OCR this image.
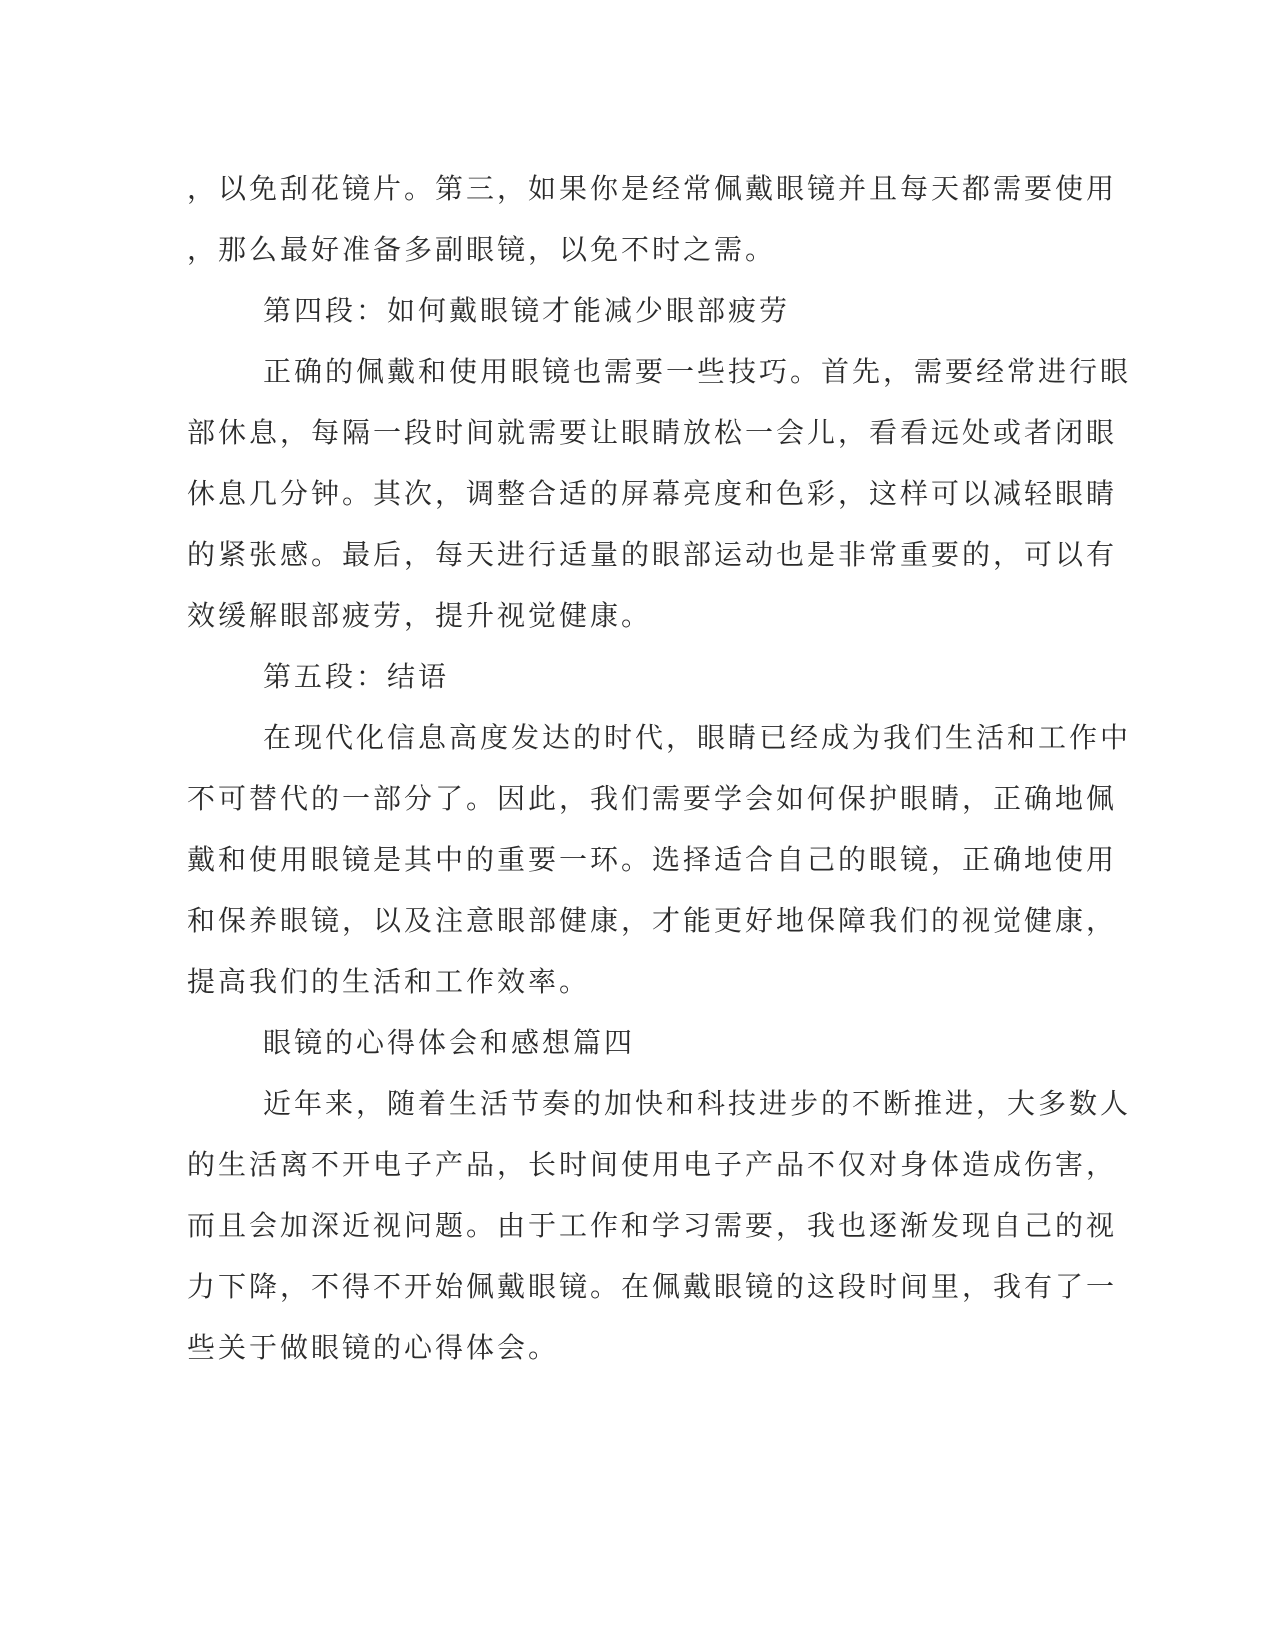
，以免刮花镜片。第三，如果你是经常佩戴眼镜并且每天都需要使用
，那么最好准备多副眼镜，以免不时之需。
第四段：如何戴眼镜才能减少眼部疲劳
正确的佩戴和使用眼镜也需要一些技巧。首先，需要经常进行眼
部休息，每隔一段时间就需要让眼睛放松一会儿，看看远处或者闭眼
休息几分钟。其次，调整合适的屏幕亮度和色彩，这样可以减轻眼睛
的紧张感。最后，每天进行适量的眼部运动也是非常重要的，可以有
效缓解眼部疲劳，提升视觉健康。
第五段：结语
在现代化信息高度发达的时代，眼睛已经成为我们生活和工作中
不可替代的一部分了。因此，我们需要学会如何保护眼睛，正确地佩
戴和使用眼镜是其中的重要一环。选择适合自己的眼镜，正确地使用
和保养眼镜，以及注意眼部健康，才能更好地保障我们的视觉健康，
提高我们的生活和工作效率。
眼镜的心得体会和感想篇四
近年来，随着生活节奏的加快和科技进步的不断推进，大多数人
的生活离不开电子产品，长时间使用电子产品不仅对身体造成伤害，
而且会加深近视问题。由于工作和学习需要，我也逐渐发现自己的视
力下降，不得不开始佩戴眼镜。在佩戴眼镜的这段时间里，我有了一
些关于做眼镜的心得体会。
